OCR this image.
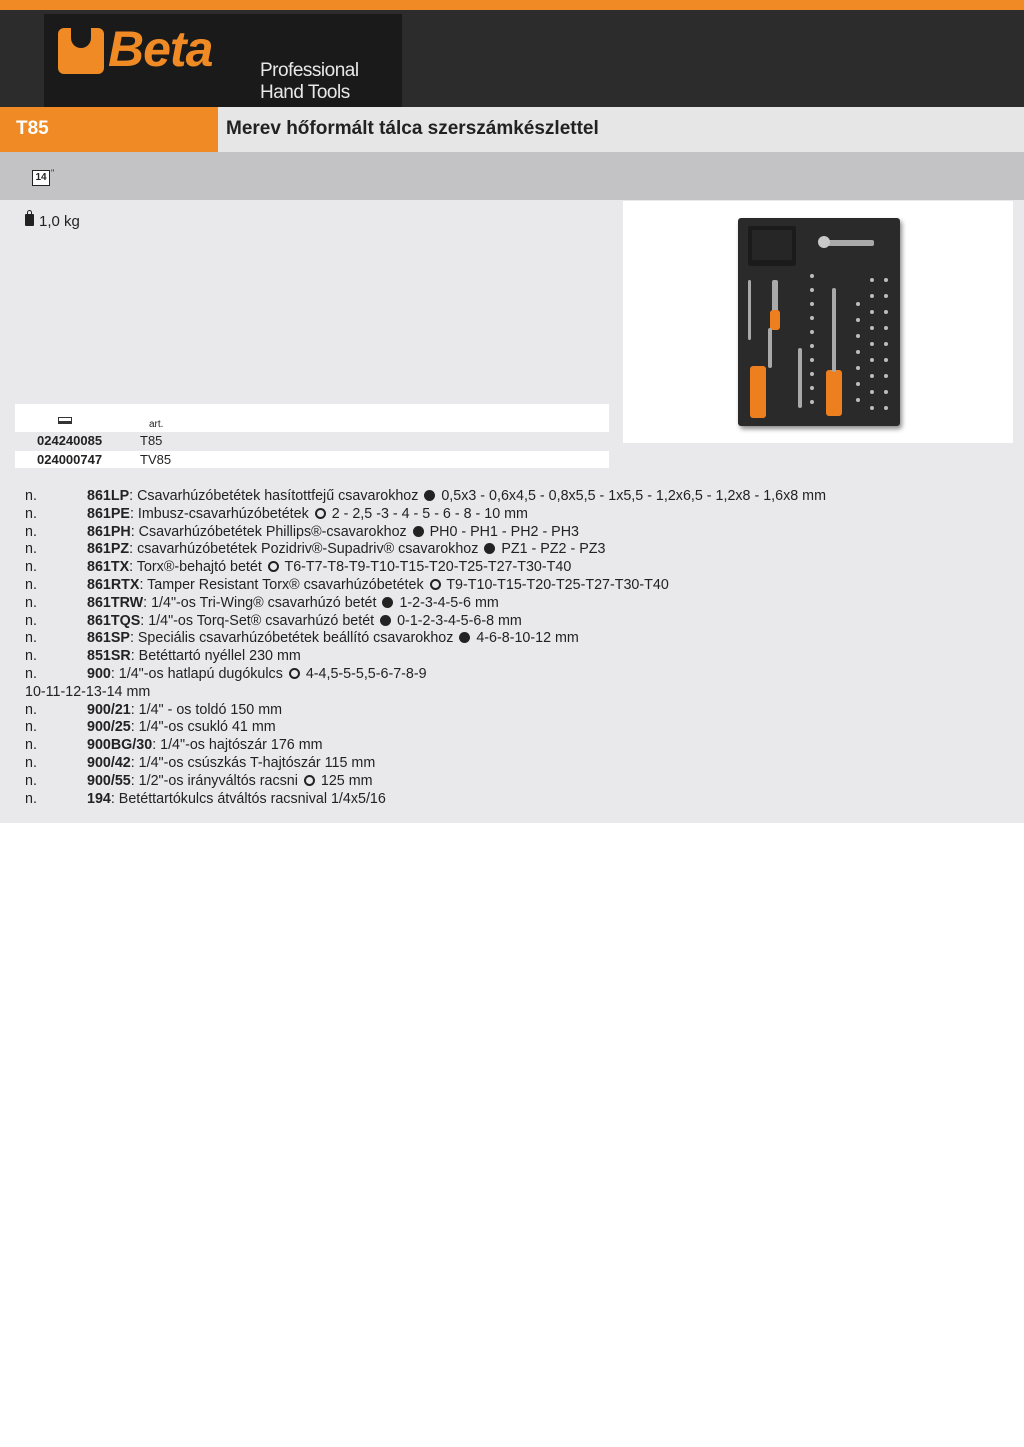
Beta	Professional Hand Tools
T85	Merev hőformált tálca szerszámkészlettel
14 "
1,0 kg
art.
024240085	T85
024000747	TV85
n.	861LP: Csavarhúzóbetétek hasítottfejű csavarokhoz  0,5x3 - 0,6x4,5 - 0,8x5,5 - 1x5,5 - 1,2x6,5 - 1,2x8 - 1,6x8 mm
n.	861PE: Imbusz-csavarhúzóbetétek  2 - 2,5 -3 - 4 - 5 - 6 - 8 - 10 mm
n.	861PH: Csavarhúzóbetétek Phillips®-csavarokhoz  PH0 - PH1 - PH2 - PH3
n.	861PZ: csavarhúzóbetétek Pozidriv®-Supadriv® csavarokhoz  PZ1 - PZ2 - PZ3
n.	861TX: Torx®-behajtó betét  T6-T7-T8-T9-T10-T15-T20-T25-T27-T30-T40
n.	861RTX: Tamper Resistant Torx® csavarhúzóbetétek  T9-T10-T15-T20-T25-T27-T30-T40
n.	861TRW: 1/4"-os Tri-Wing® csavarhúzó betét  1-2-3-4-5-6 mm
n.	861TQS: 1/4"-os Torq-Set® csavarhúzó betét  0-1-2-3-4-5-6-8 mm
n.	861SP: Speciális csavarhúzóbetétek beállító csavarokhoz  4-6-8-10-12 mm
n.	851SR: Betéttartó nyéllel 230 mm
n.	900: 1/4"-os hatlapú dugókulcs  4-4,5-5-5,5-6-7-8-9
10-11-12-13-14 mm
n.	900/21: 1/4" - os toldó 150 mm
n.	900/25: 1/4"-os csukló 41 mm
n.	900BG/30: 1/4"-os hajtószár 176 mm
n.	900/42: 1/4"-os csúszkás T-hajtószár 115 mm
n.	900/55: 1/2"-os irányváltós racsni  125 mm
n.	194: Betéttartókulcs átváltós racsnival 1/4x5/16
